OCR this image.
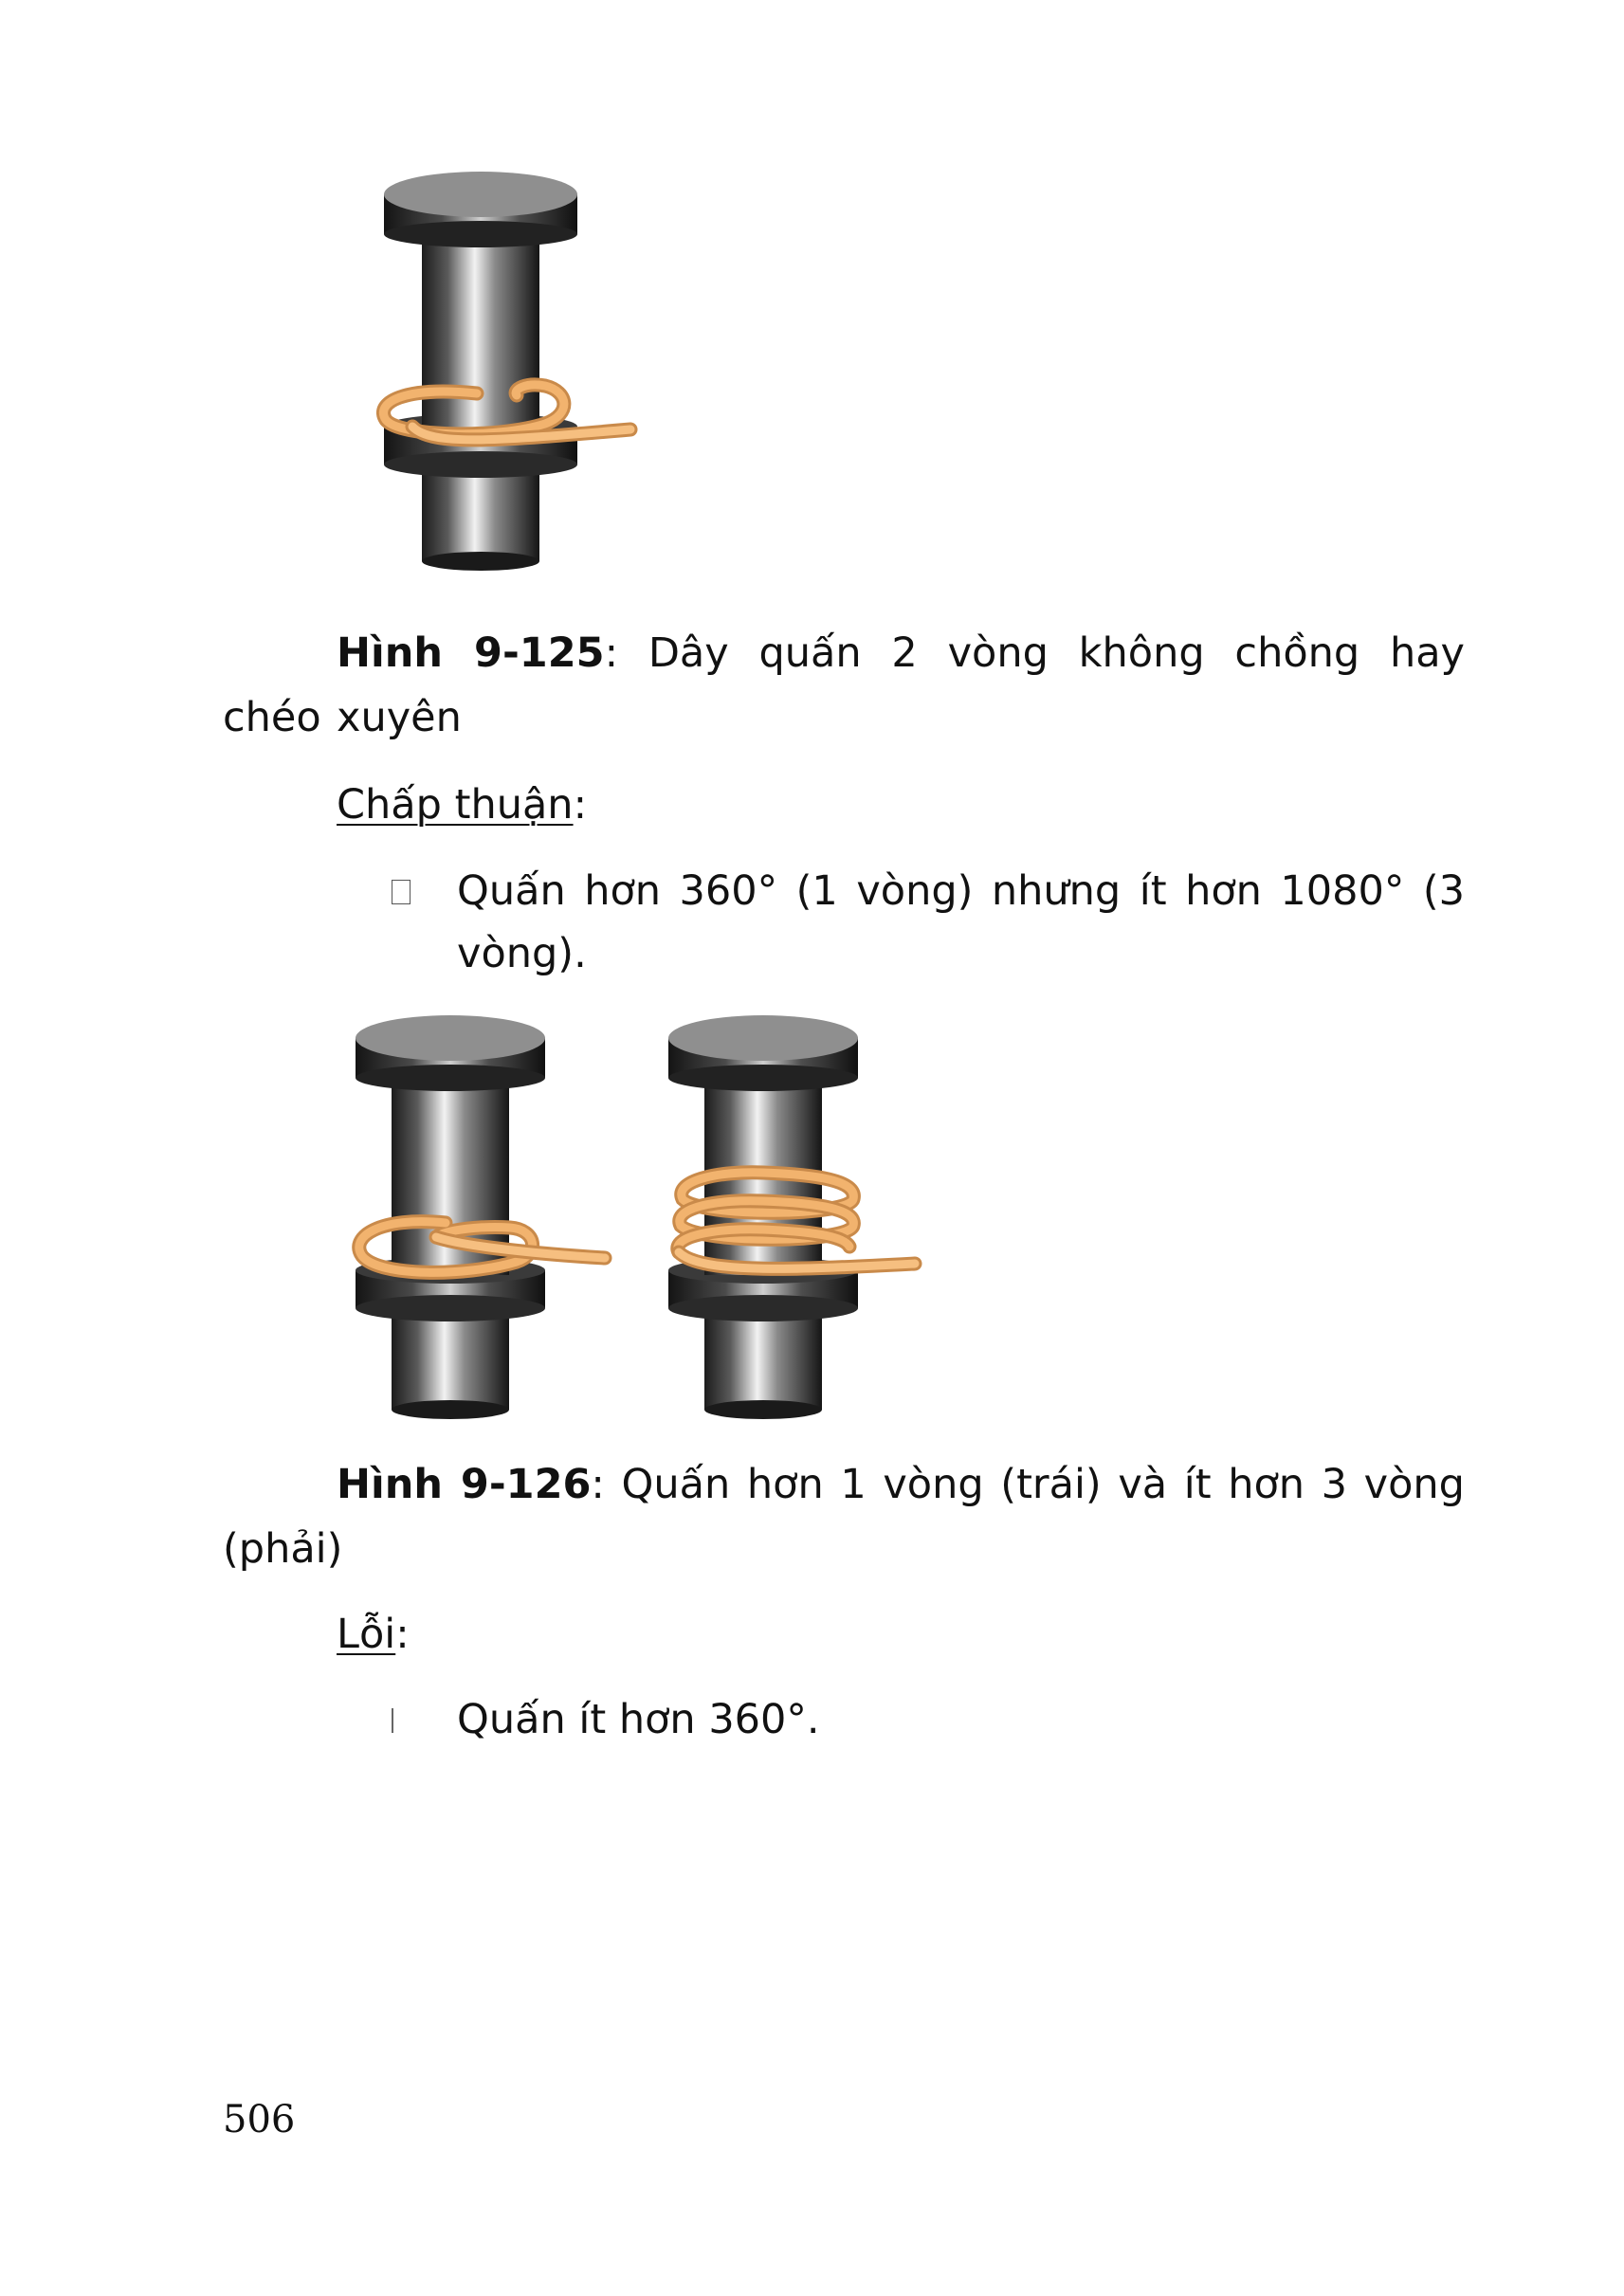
Hình 9-125: Dây quấn 2 vòng không chồng hay xuyên
chéo
Chấp thuận:
Quấn hơn 360° (1 vòng) nhưng ít hơn 1080° (3
vòng).
Hình 9-126: Quấn hơn 1 vòng (trái) và ít hơn 3 vòng
(phải)
Lỗi:
Quấn ít hơn 360°.
506
